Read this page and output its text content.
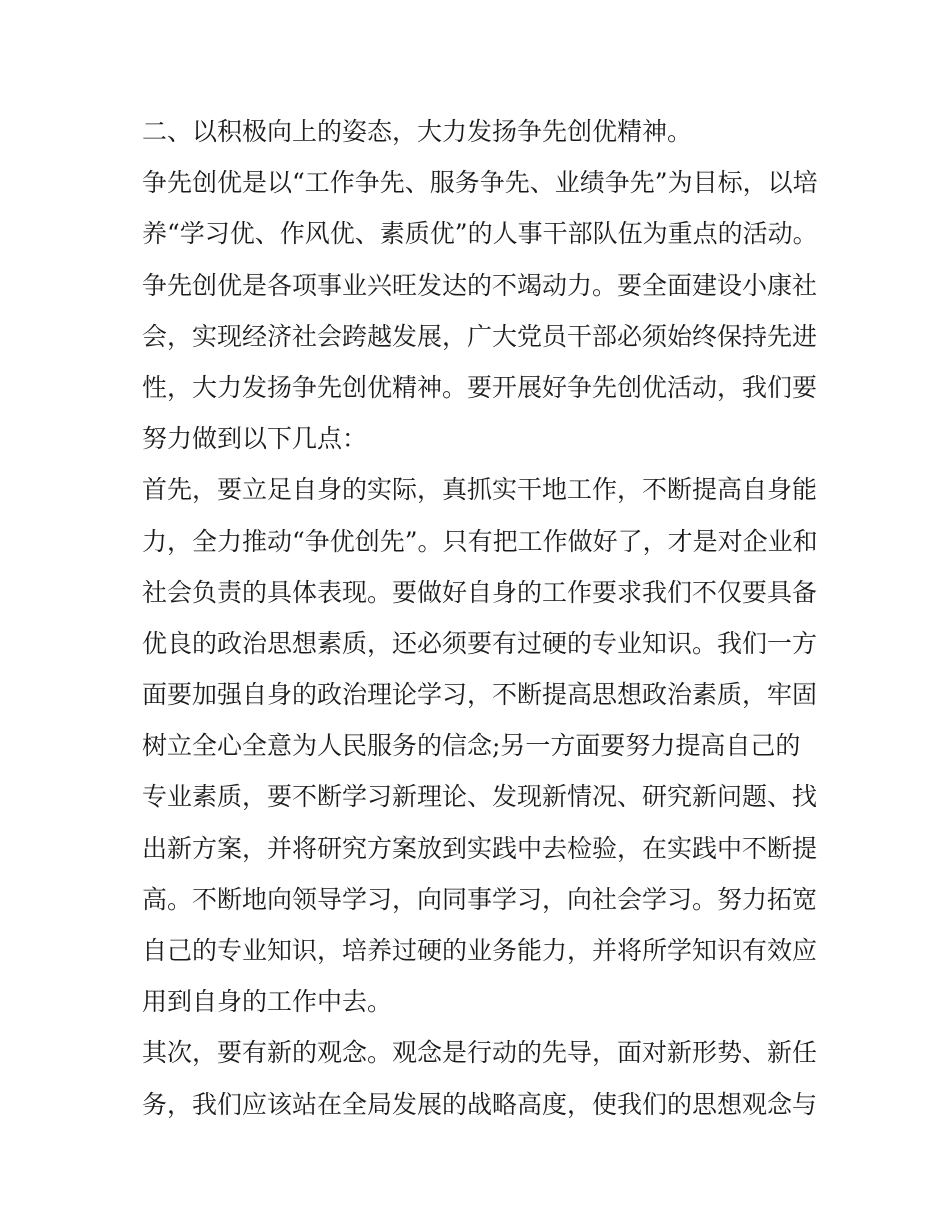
二、以积极向上的姿态，大力发扬争先创优精神。
争先创优是以“工作争先、服务争先、业绩争先”为目标，以培
养“学习优、作风优、素质优”的人事干部队伍为重点的活动。
争先创优是各项事业兴旺发达的不竭动力。要全面建设小康社
会，实现经济社会跨越发展，广大党员干部必须始终保持先进
性，大力发扬争先创优精神。要开展好争先创优活动，我们要
努力做到以下几点：
首先，要立足自身的实际，真抓实干地工作，不断提高自身能
力，全力推动“争优创先”。只有把工作做好了，才是对企业和
社会负责的具体表现。要做好自身的工作要求我们不仅要具备
优良的政治思想素质，还必须要有过硬的专业知识。我们一方
面要加强自身的政治理论学习，不断提高思想政治素质，牢固
树立全心全意为人民服务的信念;另一方面要努力提高自己的
专业素质，要不断学习新理论、发现新情况、研究新问题、找
出新方案，并将研究方案放到实践中去检验，在实践中不断提
高。不断地向领导学习，向同事学习，向社会学习。努力拓宽
自己的专业知识，培养过硬的业务能力，并将所学知识有效应
用到自身的工作中去。
其次，要有新的观念。观念是行动的先导，面对新形势、新任
务，我们应该站在全局发展的战略高度，使我们的思想观念与
